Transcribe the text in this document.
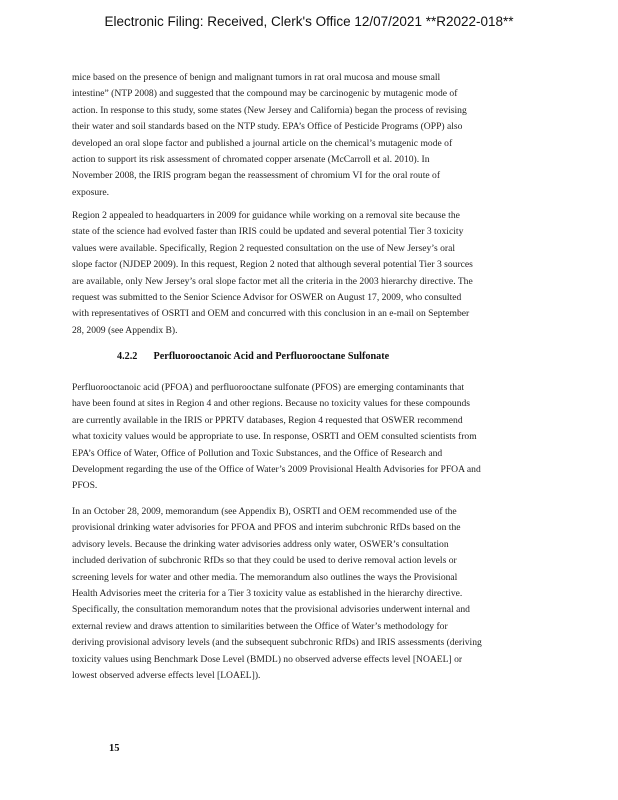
Electronic Filing: Received, Clerk's Office 12/07/2021 **R2022-018**
mice based on the presence of benign and malignant tumors in rat oral mucosa and mouse small
intestine” (NTP 2008) and suggested that the compound may be carcinogenic by mutagenic mode of
action. In response to this study, some states (New Jersey and California) began the process of revising
their water and soil standards based on the NTP study. EPA’s Office of Pesticide Programs (OPP) also
developed an oral slope factor and published a journal article on the chemical’s mutagenic mode of
action to support its risk assessment of chromated copper arsenate (McCarroll et al. 2010). In
November 2008, the IRIS program began the reassessment of chromium VI for the oral route of
exposure.
Region 2 appealed to headquarters in 2009 for guidance while working on a removal site because the
state of the science had evolved faster than IRIS could be updated and several potential Tier 3 toxicity
values were available. Specifically, Region 2 requested consultation on the use of New Jersey’s oral
slope factor (NJDEP 2009). In this request, Region 2 noted that although several potential Tier 3 sources
are available, only New Jersey’s oral slope factor met all the criteria in the 2003 hierarchy directive. The
request was submitted to the Senior Science Advisor for OSWER on August 17, 2009, who consulted
with representatives of OSRTI and OEM and concurred with this conclusion in an e-mail on September
28, 2009 (see Appendix B).
4.2.2 Perfluorooctanoic Acid and Perfluorooctane Sulfonate
Perfluorooctanoic acid (PFOA) and perfluorooctane sulfonate (PFOS) are emerging contaminants that
have been found at sites in Region 4 and other regions. Because no toxicity values for these compounds
are currently available in the IRIS or PPRTV databases, Region 4 requested that OSWER recommend
what toxicity values would be appropriate to use. In response, OSRTI and OEM consulted scientists from
EPA’s Office of Water, Office of Pollution and Toxic Substances, and the Office of Research and
Development regarding the use of the Office of Water’s 2009 Provisional Health Advisories for PFOA and
PFOS.
In an October 28, 2009, memorandum (see Appendix B), OSRTI and OEM recommended use of the
provisional drinking water advisories for PFOA and PFOS and interim subchronic RfDs based on the
advisory levels. Because the drinking water advisories address only water, OSWER’s consultation
included derivation of subchronic RfDs so that they could be used to derive removal action levels or
screening levels for water and other media. The memorandum also outlines the ways the Provisional
Health Advisories meet the criteria for a Tier 3 toxicity value as established in the hierarchy directive.
Specifically, the consultation memorandum notes that the provisional advisories underwent internal and
external review and draws attention to similarities between the Office of Water’s methodology for
deriving provisional advisory levels (and the subsequent subchronic RfDs) and IRIS assessments (deriving
toxicity values using Benchmark Dose Level (BMDL) no observed adverse effects level [NOAEL] or
lowest observed adverse effects level [LOAEL]).
15
